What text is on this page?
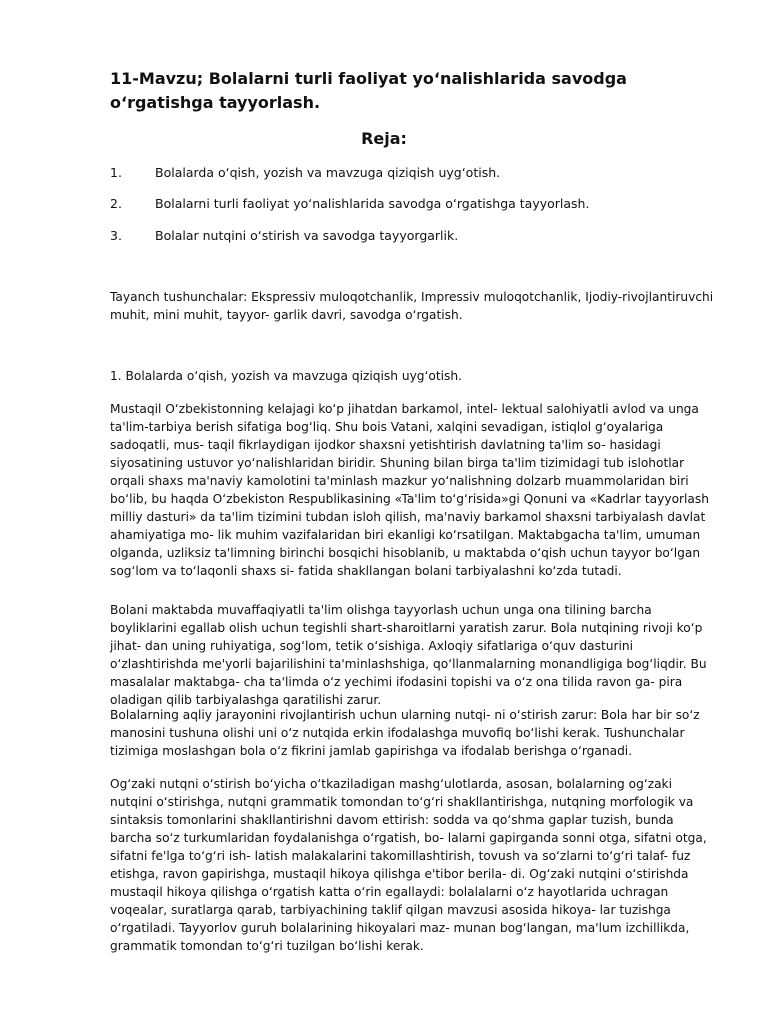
11-Mavzu; Bolalarni turli faoliyat yo‘nalishlarida savodga o‘rgatishga tayyorlash.
Reja:
1.	Bolalarda o‘qish, yozish va mavzuga qiziqish uyg‘otish.
2.	Bolalarni turli faoliyat yo‘nalishlarida savodga o‘rgatishga tayyorlash.
3.	Bolalar nutqini o‘stirish va savodga tayyorgarlik.

Tayanch tushunchalar: Ekspressiv muloqotchanlik, Impressiv muloqotchanlik, Ijodiy-rivojlantiruvchi muhit, mini muhit, tayyor- garlik davri, savodga o‘rgatish.

1. Bolalarda o‘qish, yozish va mavzuga qiziqish uyg‘otish.

Mustaqil O‘zbekistonning kelajagi ko‘p jihatdan barkamol, intel- lektual salohiyatli avlod va unga ta'lim-tarbiya berish sifatiga bog‘liq. Shu bois Vatani, xalqini sevadigan, istiqlol g‘oyalariga sadoqatli, mus- taqil fikrlaydigan ijodkor shaxsni yetishtirish davlatning ta'lim so- hasidagi siyosatining ustuvor yo‘nalishlaridan biridir. Shuning bilan birga ta'lim tizimidagi tub islohotlar orqali shaxs ma'naviy kamolotini ta'minlash mazkur yo‘nalishning dolzarb muammolaridan biri bo‘lib, bu haqda O‘zbekiston Respublikasining «Ta'lim to‘g‘risida»gi Qonuni va «Kadrlar tayyorlash milliy dasturi» da ta'lim tizimini tubdan isloh qilish, ma'naviy barkamol shaxsni tarbiyalash davlat ahamiyatiga mo- lik muhim vazifalaridan biri ekanligi ko‘rsatilgan. Maktabgacha ta'lim, umuman olganda, uzliksiz ta'limning birinchi bosqichi hisoblanib, u maktabda o‘qish uchun tayyor bo‘lgan sog‘lom va to‘laqonli shaxs si- fatida shakllangan bolani tarbiyalashni ko‘zda tutadi.

Bolani maktabda muvaffaqiyatli ta'lim olishga tayyorlash uchun unga ona tilining barcha boyliklarini egallab olish uchun tegishli shart-sharoitlarni yaratish zarur. Bola nutqining rivoji ko‘p jihat- dan uning ruhiyatiga, sog‘lom, tetik o‘sishiga. Axloqiy sifatlariga o‘quv dasturini o‘zlashtirishda me'yorli bajarilishini ta'minlashshiga, qo‘llanmalarning monandligiga bog‘liqdir. Bu masalalar maktabga- cha ta'limda o‘z yechimi ifodasini topishi va o‘z ona tilida ravon ga- pira oladigan qilib tarbiyalashga qaratilishi zarur.

Bolalarning aqliy jarayonini rivojlantirish uchun ularning nutqi- ni o‘stirish zarur: Bola har bir so‘z manosini tushuna olishi uni o‘z nutqida erkin ifodalashga muvofiq bo‘lishi kerak. Tushunchalar tizimiga moslashgan bola o‘z fikrini jamlab gapirishga va ifodalab berishga o‘rganadi.

Og‘zaki nutqni o‘stirish bo‘yicha o‘tkaziladigan mashg‘ulotlarda, asosan, bolalarning og‘zaki nutqini o‘stirishga, nutqni grammatik tomondan to‘g‘ri shakllantirishga, nutqning morfologik va sintaksis tomonlarini shakllantirishni davom ettirish: sodda va qo‘shma gaplar tuzish, bunda barcha so‘z turkumlaridan foydalanishga o‘rgatish, bo- lalarni gapirganda sonni otga, sifatni otga, sifatni fe'lga to‘g‘ri ish- latish malakalarini takomillashtirish, tovush va so‘zlarni to‘g‘ri talaf- fuz etishga, ravon gapirishga, mustaqil hikoya qilishga e'tibor berila- di. Og‘zaki nutqini o‘stirishda mustaqil hikoya qilishga o‘rgatish katta o‘rin egallaydi: bolalalarni o‘z hayotlarida uchragan voqealar, suratlarga qarab, tarbiyachining taklif qilgan mavzusi asosida hikoya- lar tuzishga o‘rgatiladi. Tayyorlov guruh bolalarining hikoyalari maz- munan bog‘langan, ma'lum izchillikda, grammatik tomondan to‘g‘ri tuzilgan bo‘lishi kerak.
